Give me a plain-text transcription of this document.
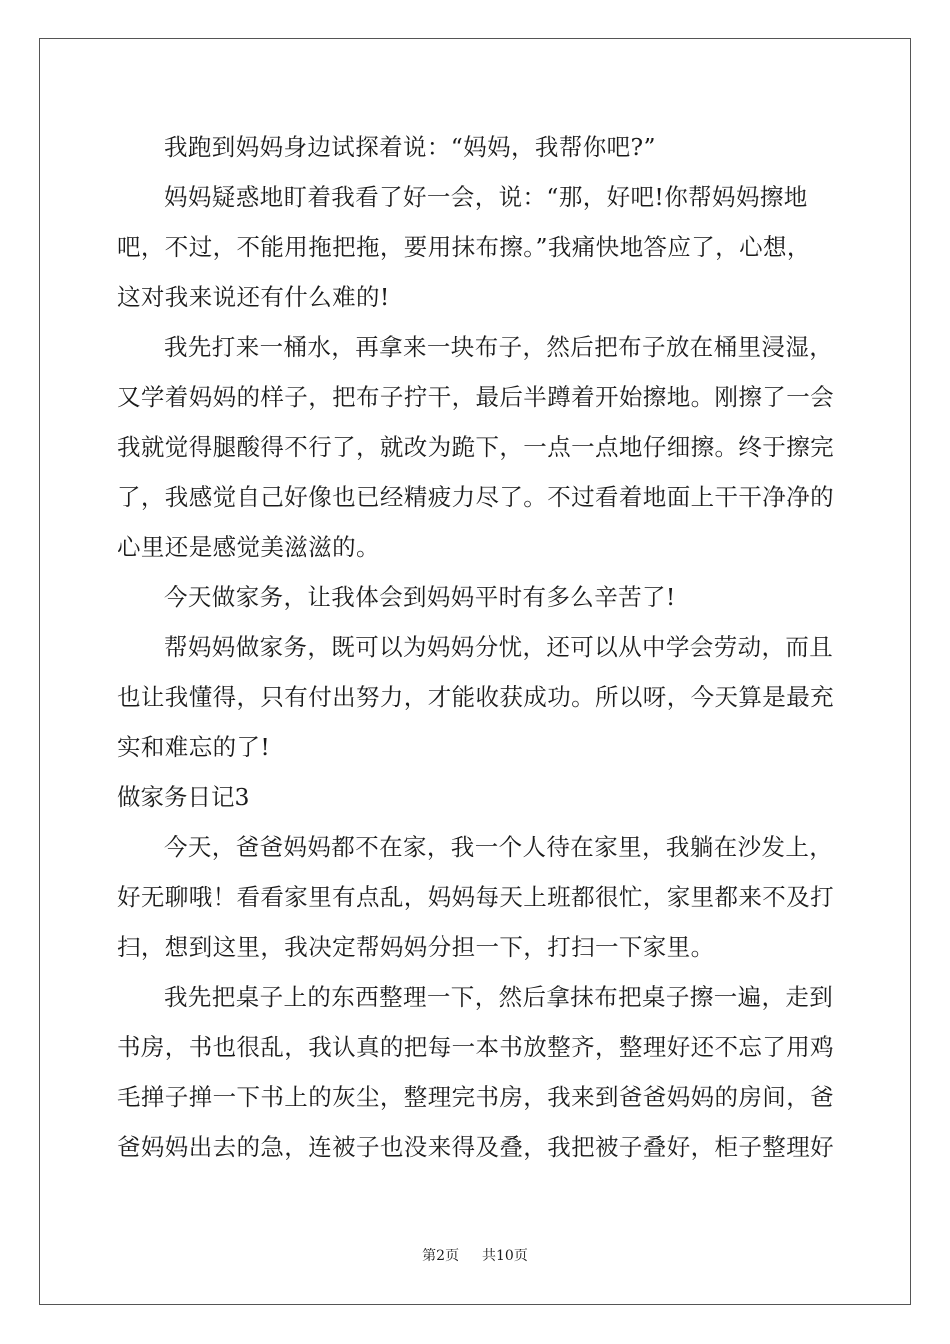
我跑到妈妈身边试探着说：“妈妈，我帮你吧?”
妈妈疑惑地盯着我看了好一会，说：“那，好吧!你帮妈妈擦地
吧，不过，不能用拖把拖，要用抹布擦。”我痛快地答应了，心想，
这对我来说还有什么难的!
我先打来一桶水，再拿来一块布子，然后把布子放在桶里浸湿，
又学着妈妈的样子，把布子拧干，最后半蹲着开始擦地。刚擦了一会
我就觉得腿酸得不行了，就改为跪下，一点一点地仔细擦。终于擦完
了，我感觉自己好像也已经精疲力尽了。不过看着地面上干干净净的
心里还是感觉美滋滋的。
今天做家务，让我体会到妈妈平时有多么辛苦了!
帮妈妈做家务，既可以为妈妈分忧，还可以从中学会劳动，而且
也让我懂得，只有付出努力，才能收获成功。所以呀，今天算是最充
实和难忘的了!
做家务日记3
今天，爸爸妈妈都不在家，我一个人待在家里，我躺在沙发上，
好无聊哦！看看家里有点乱，妈妈每天上班都很忙，家里都来不及打
扫，想到这里，我决定帮妈妈分担一下，打扫一下家里。
我先把桌子上的东西整理一下，然后拿抹布把桌子擦一遍，走到
书房，书也很乱，我认真的把每一本书放整齐，整理好还不忘了用鸡
毛掸子掸一下书上的灰尘，整理完书房，我来到爸爸妈妈的房间，爸
爸妈妈出去的急，连被子也没来得及叠，我把被子叠好，柜子整理好
第2页 共10页
